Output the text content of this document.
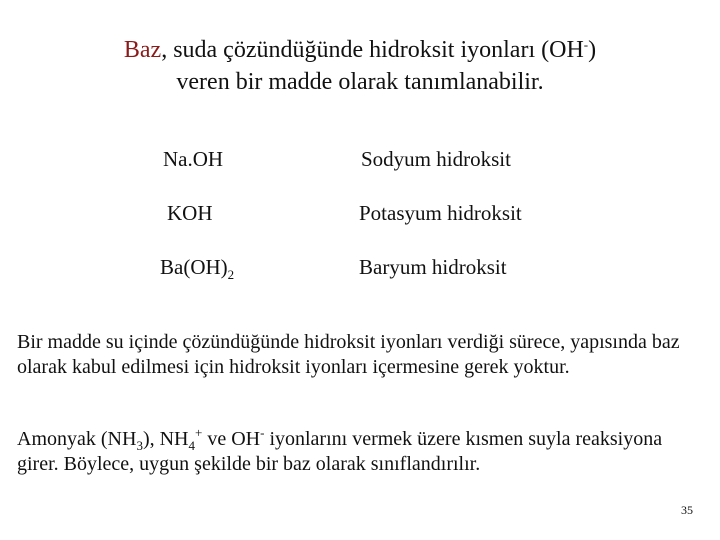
Baz, suda çözündüğünde hidroksit iyonları (OH-)
veren bir madde olarak tanımlanabilir.
Na.OH	Sodyum hidroksit
KOH	Potasyum hidroksit
$Ba(OH)_2$	Baryum hidroksit
Bir madde su içinde çözündüğünde hidroksit iyonları verdiği sürece, yapısında baz olarak kabul edilmesi için hidroksit iyonları içermesine gerek yoktur.
Amonyak $(NH_3)$, $NH_4^+$ ve OH- iyonlarını vermek üzere kısmen suyla reaksiyona girer. Böylece, uygun şekilde bir baz olarak sınıflandırılır.
35
